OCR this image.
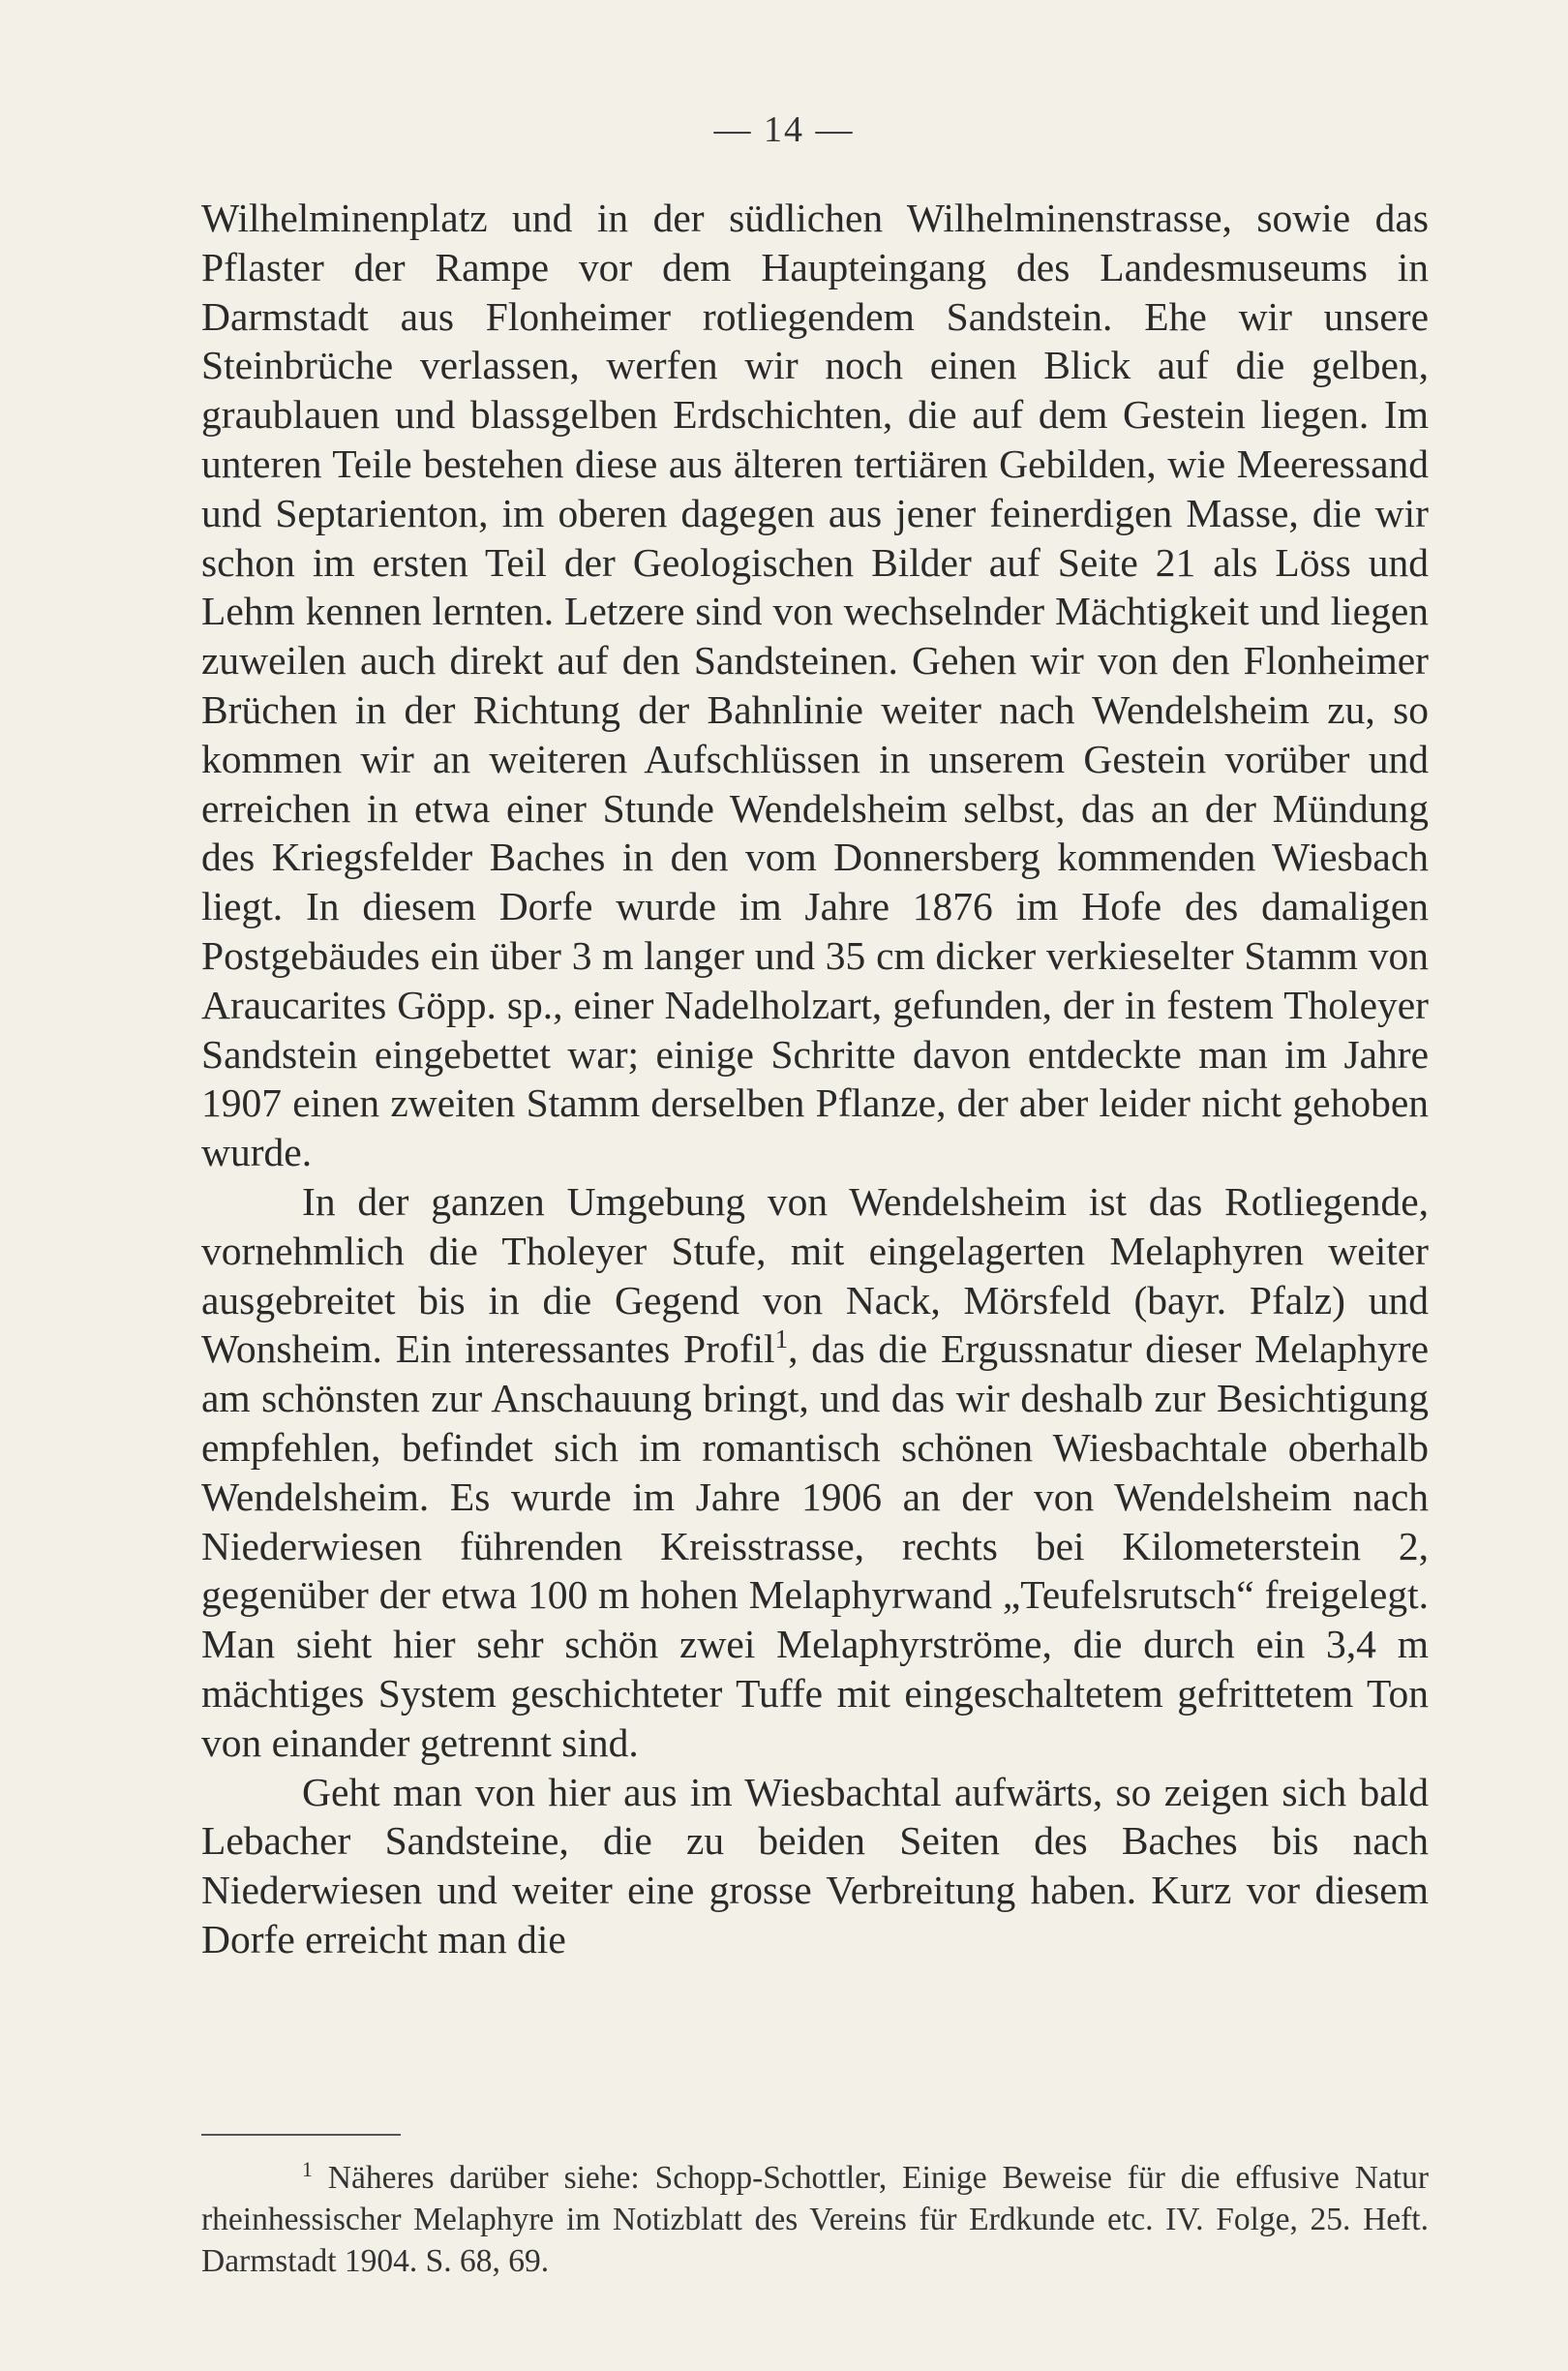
— 14 —

Wilhelminenplatz und in der südlichen Wilhelminenstrasse, sowie das Pflaster der Rampe vor dem Haupteingang des Landesmuseums in Darmstadt aus Flonheimer rotliegendem Sandstein. Ehe wir unsere Steinbrüche verlassen, werfen wir noch einen Blick auf die gelben, graublauen und blassgelben Erdschichten, die auf dem Gestein liegen. Im unteren Teile bestehen diese aus älteren tertiären Gebilden, wie Meeressand und Septarienton, im oberen dagegen aus jener feinerdigen Masse, die wir schon im ersten Teil der Geologischen Bilder auf Seite 21 als Löss und Lehm kennen lernten. Letzere sind von wechselnder Mächtigkeit und liegen zuweilen auch direkt auf den Sandsteinen. Gehen wir von den Flonheimer Brüchen in der Richtung der Bahnlinie weiter nach Wendelsheim zu, so kommen wir an weiteren Aufschlüssen in unserem Gestein vorüber und erreichen in etwa einer Stunde Wendelsheim selbst, das an der Mündung des Kriegsfelder Baches in den vom Donnersberg kommenden Wiesbach liegt. In diesem Dorfe wurde im Jahre 1876 im Hofe des damaligen Postgebäudes ein über 3 m langer und 35 cm dicker verkieselter Stamm von Araucarites Göpp. sp., einer Nadelholzart, gefunden, der in festem Tholeyer Sandstein eingebettet war; einige Schritte davon entdeckte man im Jahre 1907 einen zweiten Stamm derselben Pflanze, der aber leider nicht gehoben wurde.

In der ganzen Umgebung von Wendelsheim ist das Rotliegende, vornehmlich die Tholeyer Stufe, mit eingelagerten Melaphyren weiter ausgebreitet bis in die Gegend von Nack, Mörsfeld (bayr. Pfalz) und Wonsheim. Ein interessantes Profil$^1$, das die Ergussnatur dieser Melaphyre am schönsten zur Anschauung bringt, und das wir deshalb zur Besichtigung empfehlen, befindet sich im romantisch schönen Wiesbachtale oberhalb Wendelsheim. Es wurde im Jahre 1906 an der von Wendelsheim nach Niederwiesen führenden Kreisstrasse, rechts bei Kilometerstein 2, gegenüber der etwa 100 m hohen Melaphyrwand „Teufelsrutsch“ freigelegt. Man sieht hier sehr schön zwei Melaphyrströme, die durch ein 3,4 m mächtiges System geschichteter Tuffe mit eingeschaltetem gefrittetem Ton von einander getrennt sind.

Geht man von hier aus im Wiesbachtal aufwärts, so zeigen sich bald Lebacher Sandsteine, die zu beiden Seiten des Baches bis nach Niederwiesen und weiter eine grosse Verbreitung haben. Kurz vor diesem Dorfe erreicht man die

$^1$ Näheres darüber siehe: Schopp-Schottler, Einige Beweise für die effusive Natur rheinhessischer Melaphyre im Notizblatt des Vereins für Erdkunde etc. IV. Folge, 25. Heft. Darmstadt 1904. S. 68, 69.
